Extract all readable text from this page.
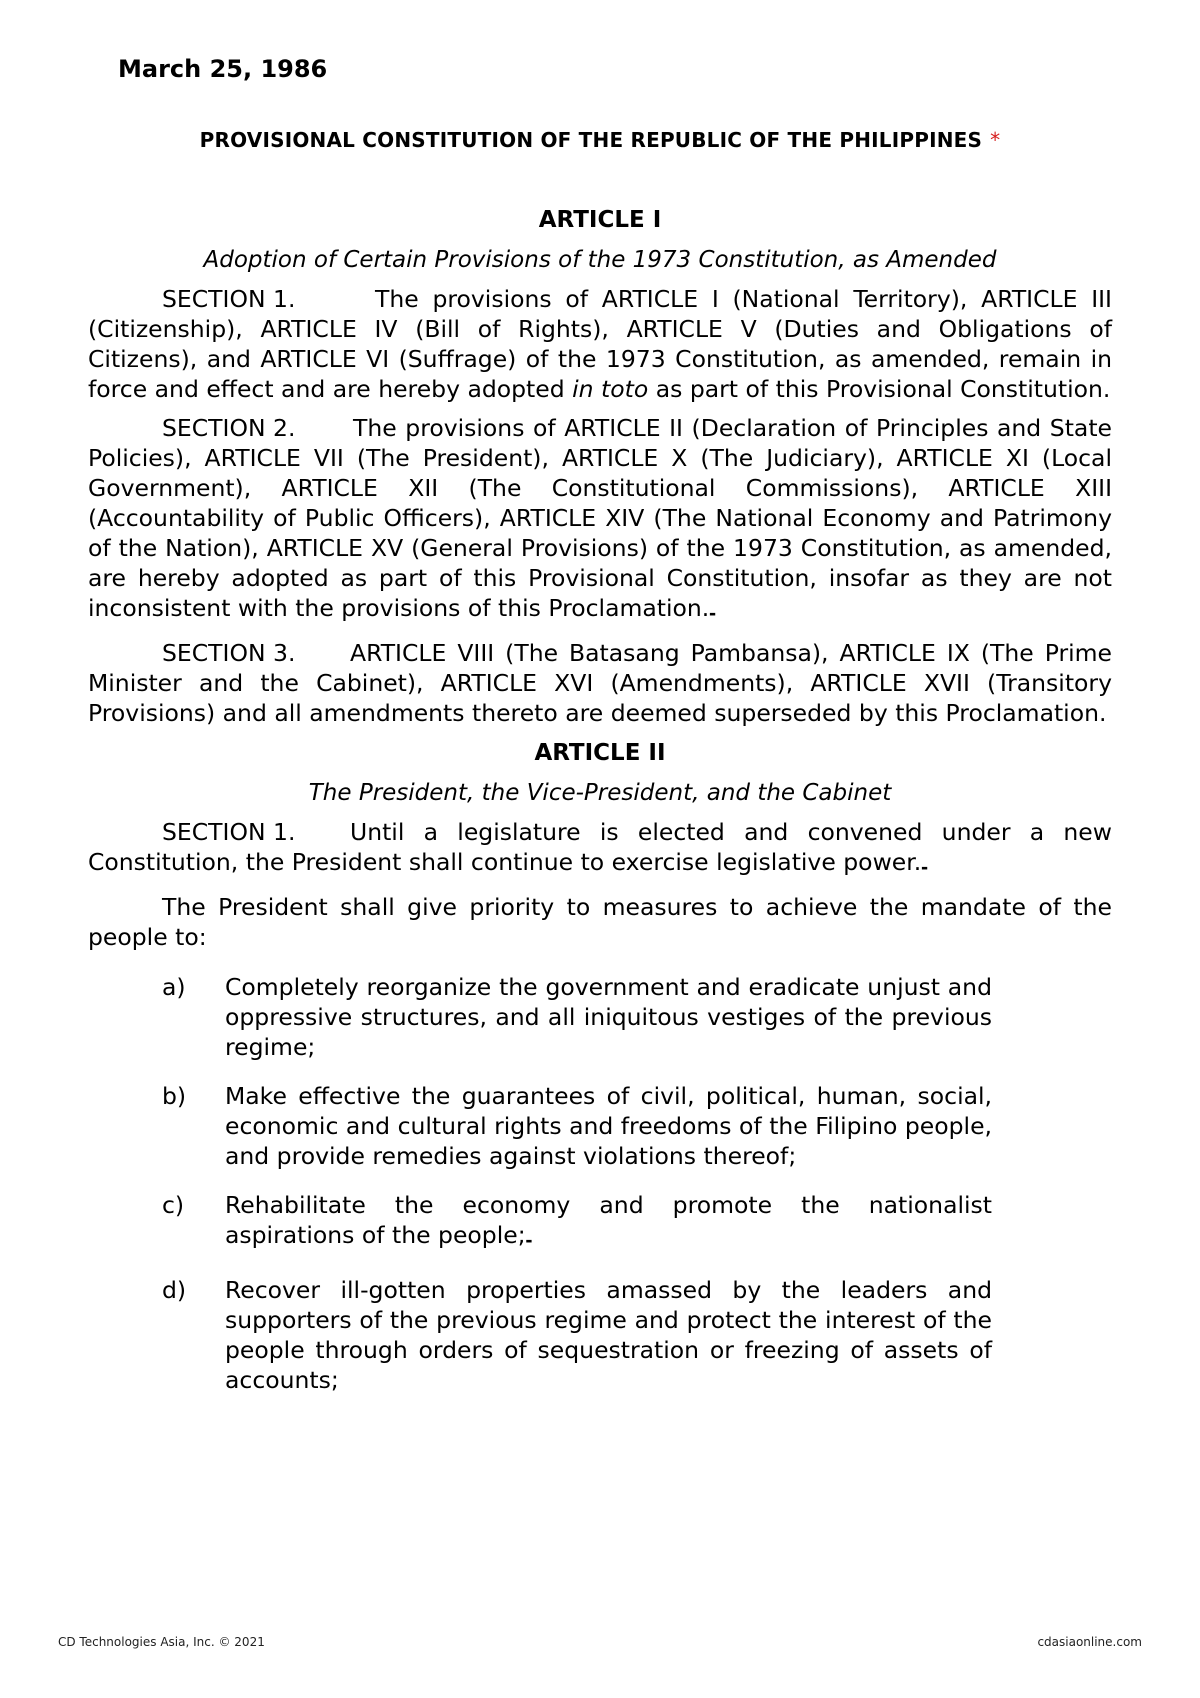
March 25, 1986
PROVISIONAL CONSTITUTION OF THE REPUBLIC OF THE PHILIPPINES *
ARTICLE I
Adoption of Certain Provisions of the 1973 Constitution, as Amended
SECTION 1.	The provisions of ARTICLE I (National Territory), ARTICLE III (Citizenship), ARTICLE IV (Bill of Rights), ARTICLE V (Duties and Obligations of Citizens), and ARTICLE VI (Suffrage) of the 1973 Constitution, as amended, remain in force and effect and are hereby adopted in toto as part of this Provisional Constitution.
SECTION 2. The provisions of ARTICLE II (Declaration of Principles and State Policies), ARTICLE VII (The President), ARTICLE X (The Judiciary), ARTICLE XI (Local Government), ARTICLE XII (The Constitutional Commissions), ARTICLE XIII (Accountability of Public Officers), ARTICLE XIV (The National Economy and Patrimony of the Nation), ARTICLE XV (General Provisions) of the 1973 Constitution, as amended, are hereby adopted as part of this Provisional Constitution, insofar as they are not inconsistent with the provisions of this Proclamation.▬
SECTION 3. ARTICLE VIII (The Batasang Pambansa), ARTICLE IX (The Prime Minister and the Cabinet), ARTICLE XVI (Amendments), ARTICLE XVII (Transitory Provisions) and all amendments thereto are deemed superseded by this Proclamation.
ARTICLE II
The President, the Vice-President, and the Cabinet
SECTION 1. Until a legislature is elected and convened under a new Constitution, the President shall continue to exercise legislative power.▬
The President shall give priority to measures to achieve the mandate of the people to:
a)	Completely reorganize the government and eradicate unjust and oppressive structures, and all iniquitous vestiges of the previous regime;
b)	Make effective the guarantees of civil, political, human, social, economic and cultural rights and freedoms of the Filipino people, and provide remedies against violations thereof;
c)	Rehabilitate the economy and promote the nationalist aspirations of the people;▬
d)	Recover ill-gotten properties amassed by the leaders and supporters of the previous regime and protect the interest of the people through orders of sequestration or freezing of assets of accounts;
CD Technologies Asia, Inc. © 2021	cdasiaonline.com
